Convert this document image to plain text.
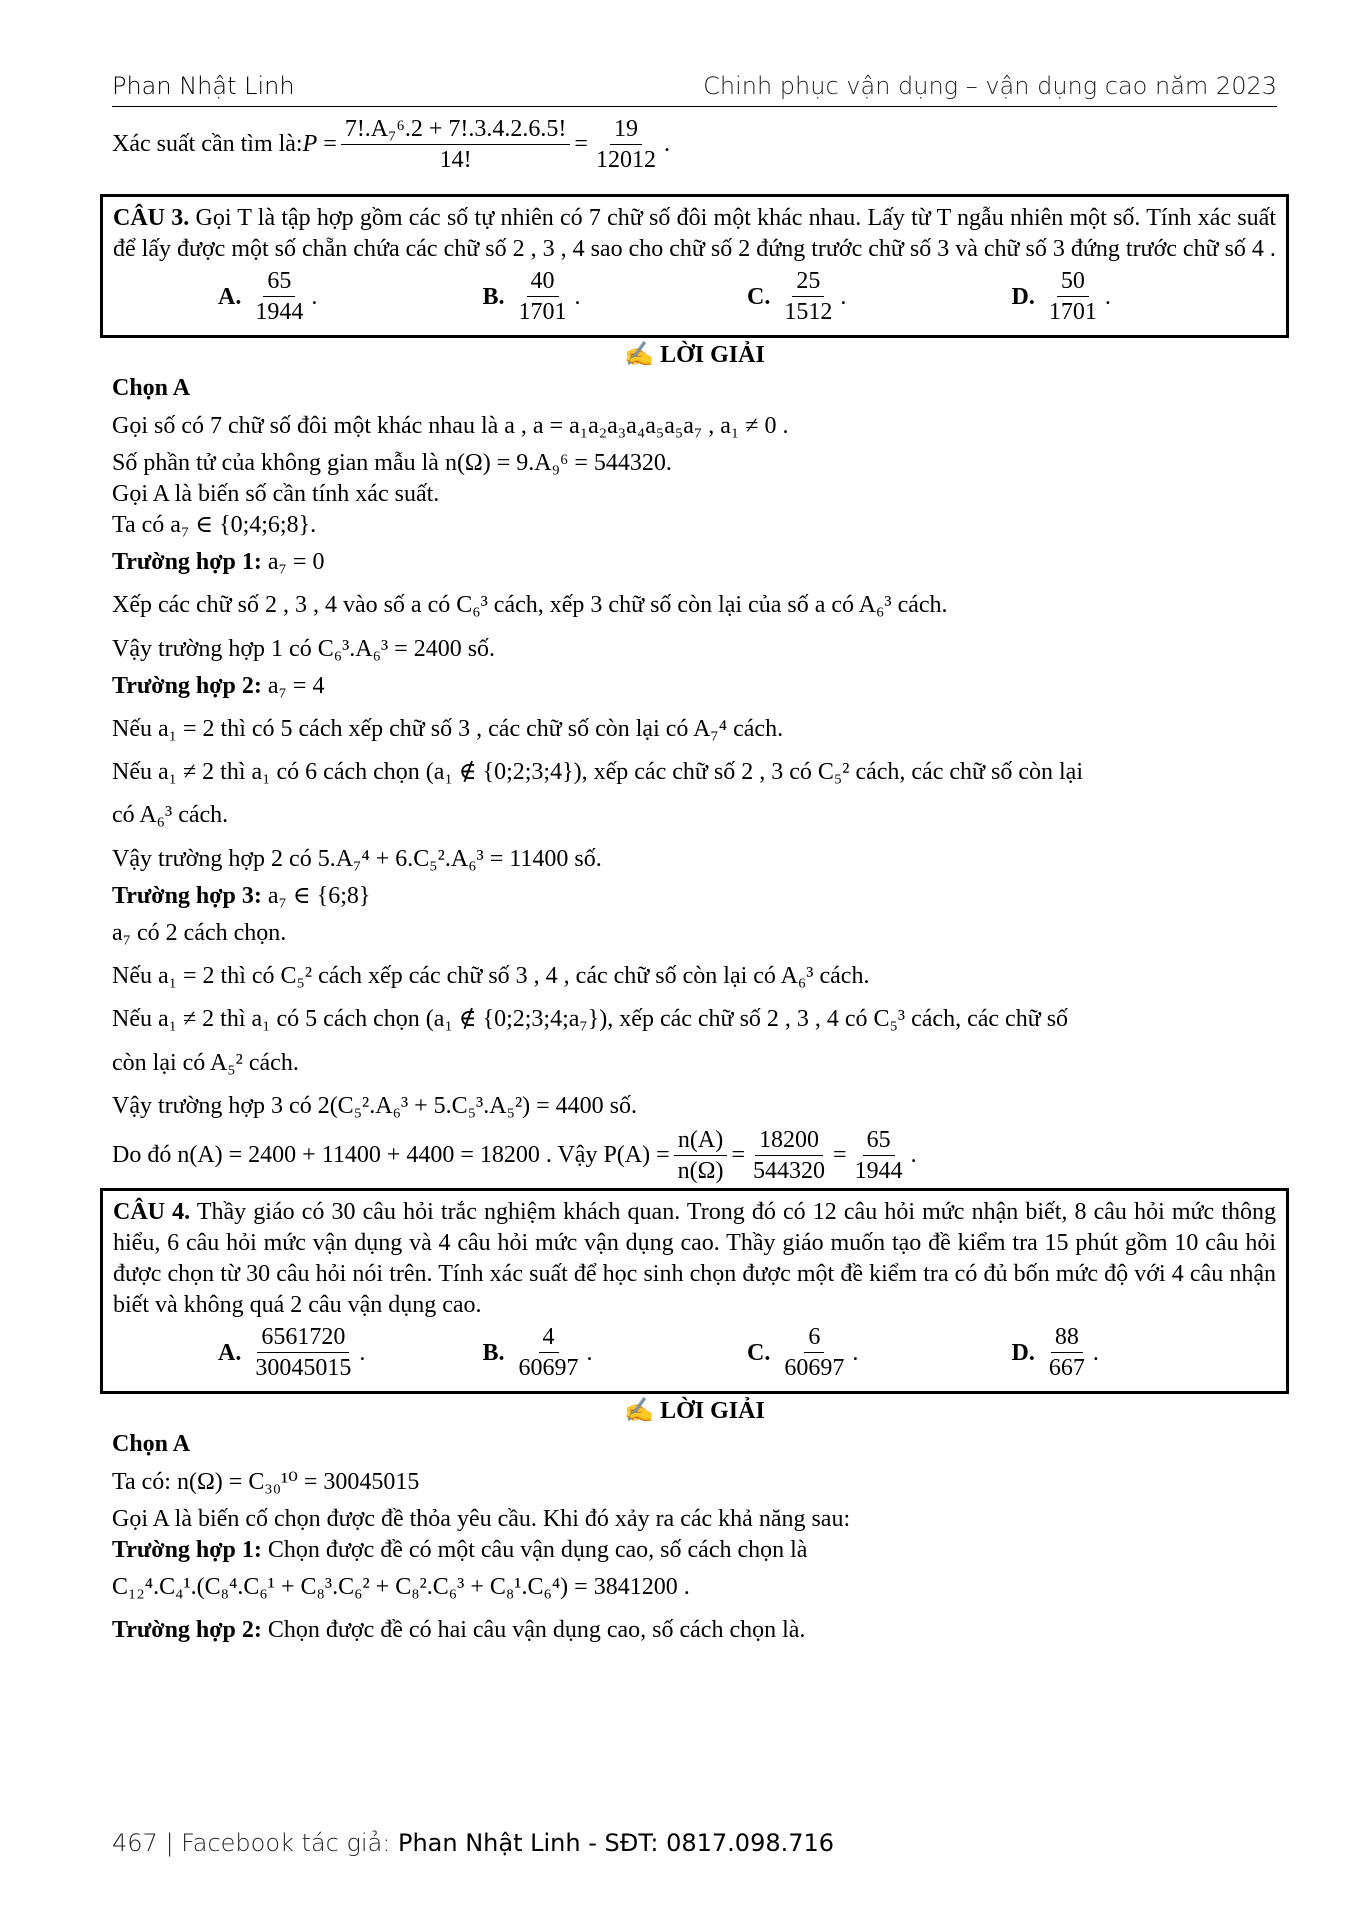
Phan Nhật Linh	Chinh phục vận dụng – vận dụng cao năm 2023
Xác suất cần tìm là: $P = \frac{\text{7!.A₇⁶.2 + 7!.3.4.2.6.5!}}{14!} = \frac{19}{12012}$ .

CÂU 3. Gọi T là tập hợp gồm các số tự nhiên có 7 chữ số đôi một khác nhau. Lấy từ T ngẫu nhiên một số. Tính xác suất để lấy được một số chẵn chứa các chữ số 2 , 3 , 4 sao cho chữ số 2 đứng trước chữ số 3 và chữ số 3 đứng trước chữ số 4 .

A. $\frac{65}{1944}$ .	B. $\frac{40}{1701}$ .	C. $\frac{25}{1512}$ .	D. $\frac{50}{1701}$ .
✍ LỜI GIẢI
Chọn A
Gọi số có 7 chữ số đôi một khác nhau là a , a = a₁a₂a₃a₄a₅a₅a₇ , a₁ ≠ 0 .
Số phần tử của không gian mẫu là n(Ω) = 9.A₉⁶ = 544320.
Gọi A là biến số cần tính xác suất.
Ta có a₇ ∈ {0;4;6;8}.
Trường hợp 1: a₇ = 0
Xếp các chữ số 2 , 3 , 4 vào số a có C₆³ cách, xếp 3 chữ số còn lại của số a có A₆³ cách.
Vậy trường hợp 1 có C₆³.A₆³ = 2400 số.
Trường hợp 2: a₇ = 4
Nếu a₁ = 2 thì có 5 cách xếp chữ số 3 , các chữ số còn lại có A₇⁴ cách.
Nếu a₁ ≠ 2 thì a₁ có 6 cách chọn (a₁ ∉ {0;2;3;4}), xếp các chữ số 2 , 3 có C₅² cách, các chữ số còn lại
có A₆³ cách.
Vậy trường hợp 2 có 5.A₇⁴ + 6.C₅².A₆³ = 11400 số.
Trường hợp 3: a₇ ∈ {6;8}
a₇ có 2 cách chọn.
Nếu a₁ = 2 thì có C₅² cách xếp các chữ số 3 , 4 , các chữ số còn lại có A₆³ cách.
Nếu a₁ ≠ 2 thì a₁ có 5 cách chọn (a₁ ∉ {0;2;3;4;a₇}), xếp các chữ số 2 , 3 , 4 có C₅³ cách, các chữ số
còn lại có A₅² cách.
Vậy trường hợp 3 có 2(C₅².A₆³ + 5.C₅³.A₅²) = 4400 số.
Do đó n(A) = 2400 + 11400 + 4400 = 18200 . Vậy $P(A) = \frac{n(A)}{n(\Omega)} = \frac{18200}{544320} = \frac{65}{1944}$ .

CÂU 4. Thầy giáo có 30 câu hỏi trắc nghiệm khách quan. Trong đó có 12 câu hỏi mức nhận biết, 8 câu hỏi mức thông hiểu, 6 câu hỏi mức vận dụng và 4 câu hỏi mức vận dụng cao. Thầy giáo muốn tạo đề kiểm tra 15 phút gồm 10 câu hỏi được chọn từ 30 câu hỏi nói trên. Tính xác suất để học sinh chọn được một đề kiểm tra có đủ bốn mức độ với 4 câu nhận biết và không quá 2 câu vận dụng cao.

A. $\frac{6561720}{30045015}$ .	B. $\frac{4}{60697}$ .	C. $\frac{6}{60697}$ .	D. $\frac{88}{667}$ .
✍ LỜI GIẢI
Chọn A
Ta có: n(Ω) = C₃₀¹⁰ = 30045015
Gọi A là biến cố chọn được đề thỏa yêu cầu. Khi đó xảy ra các khả năng sau:
Trường hợp 1: Chọn được đề có một câu vận dụng cao, số cách chọn là
C₁₂⁴.C₄¹.(C₈⁴.C₆¹ + C₈³.C₆² + C₈².C₆³ + C₈¹.C₆⁴) = 3841200 .
Trường hợp 2: Chọn được đề có hai câu vận dụng cao, số cách chọn là.
467 | Facebook tác giả: Phan Nhật Linh - SĐT: 0817.098.716
